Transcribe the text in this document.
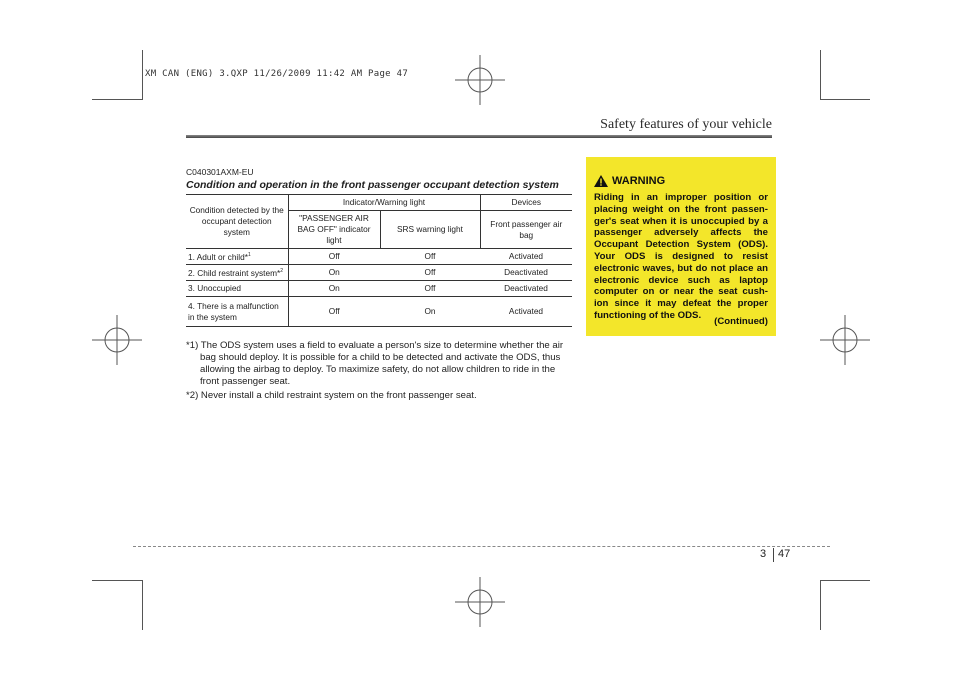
XM CAN (ENG) 3.QXP 11/26/2009 11:42 AM Page 47
Safety features of your vehicle
C040301AXM-EU
Condition and operation in the front passenger occupant detection system
Condition detected by the occupant detection system	Indicator/Warning light		Devices
	"PASSENGER AIR BAG OFF" indicator light	SRS warning light	Front passenger air bag
1. Adult or child*$^1$	Off	Off	Activated
2. Child restraint system*$^2$	On	Off	Deactivated
3. Unoccupied	On	Off	Deactivated
4. There is a malfunction in the system	Off	On	Activated

*1) The ODS system uses a field to evaluate a person's size to determine whether the air bag should deploy. It is possible for a child to be detected and activate the ODS, thus allowing the airbag to deploy. To maximize safety, do not allow children to ride in the front passenger seat.

*2) Never install a child restraint system on the front passenger seat.

WARNING
Riding in an improper position or placing weight on the front passen-ger's seat when it is unoccupied by a passenger adversely affects the Occupant Detection System (ODS). Your ODS is designed to resist electronic waves, but do not place an electronic device such as laptop computer on or near the seat cush-ion since it may defeat the proper functioning of the ODS.
(Continued)
3 47
